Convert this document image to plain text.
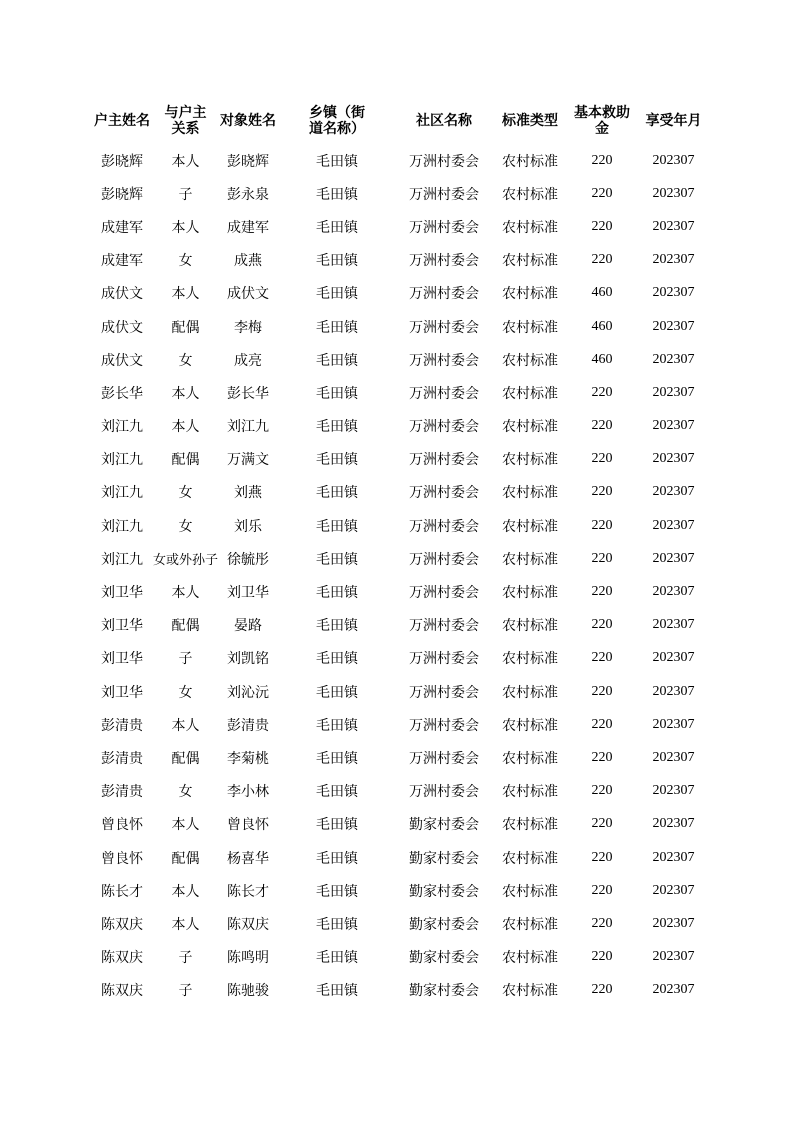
户主姓名	与户主关系	对象姓名	乡镇（街道名称）	社区名称	标准类型	基本救助金	享受年月
彭晓辉	本人	彭晓辉	毛田镇	万洲村委会	农村标准	220	202307
彭晓辉	子	彭永泉	毛田镇	万洲村委会	农村标准	220	202307
成建军	本人	成建军	毛田镇	万洲村委会	农村标准	220	202307
成建军	女	成燕	毛田镇	万洲村委会	农村标准	220	202307
成伏文	本人	成伏文	毛田镇	万洲村委会	农村标准	460	202307
成伏文	配偶	李梅	毛田镇	万洲村委会	农村标准	460	202307
成伏文	女	成亮	毛田镇	万洲村委会	农村标准	460	202307
彭长华	本人	彭长华	毛田镇	万洲村委会	农村标准	220	202307
刘江九	本人	刘江九	毛田镇	万洲村委会	农村标准	220	202307
刘江九	配偶	万满文	毛田镇	万洲村委会	农村标准	220	202307
刘江九	女	刘燕	毛田镇	万洲村委会	农村标准	220	202307
刘江九	女	刘乐	毛田镇	万洲村委会	农村标准	220	202307
刘江九	女或外孙子	徐毓彤	毛田镇	万洲村委会	农村标准	220	202307
刘卫华	本人	刘卫华	毛田镇	万洲村委会	农村标准	220	202307
刘卫华	配偶	晏路	毛田镇	万洲村委会	农村标准	220	202307
刘卫华	子	刘凯铭	毛田镇	万洲村委会	农村标准	220	202307
刘卫华	女	刘沁沅	毛田镇	万洲村委会	农村标准	220	202307
彭清贵	本人	彭清贵	毛田镇	万洲村委会	农村标准	220	202307
彭清贵	配偶	李菊桃	毛田镇	万洲村委会	农村标准	220	202307
彭清贵	女	李小林	毛田镇	万洲村委会	农村标准	220	202307
曾良怀	本人	曾良怀	毛田镇	勤家村委会	农村标准	220	202307
曾良怀	配偶	杨喜华	毛田镇	勤家村委会	农村标准	220	202307
陈长才	本人	陈长才	毛田镇	勤家村委会	农村标准	220	202307
陈双庆	本人	陈双庆	毛田镇	勤家村委会	农村标准	220	202307
陈双庆	子	陈鸣明	毛田镇	勤家村委会	农村标准	220	202307
陈双庆	子	陈驰骏	毛田镇	勤家村委会	农村标准	220	202307
